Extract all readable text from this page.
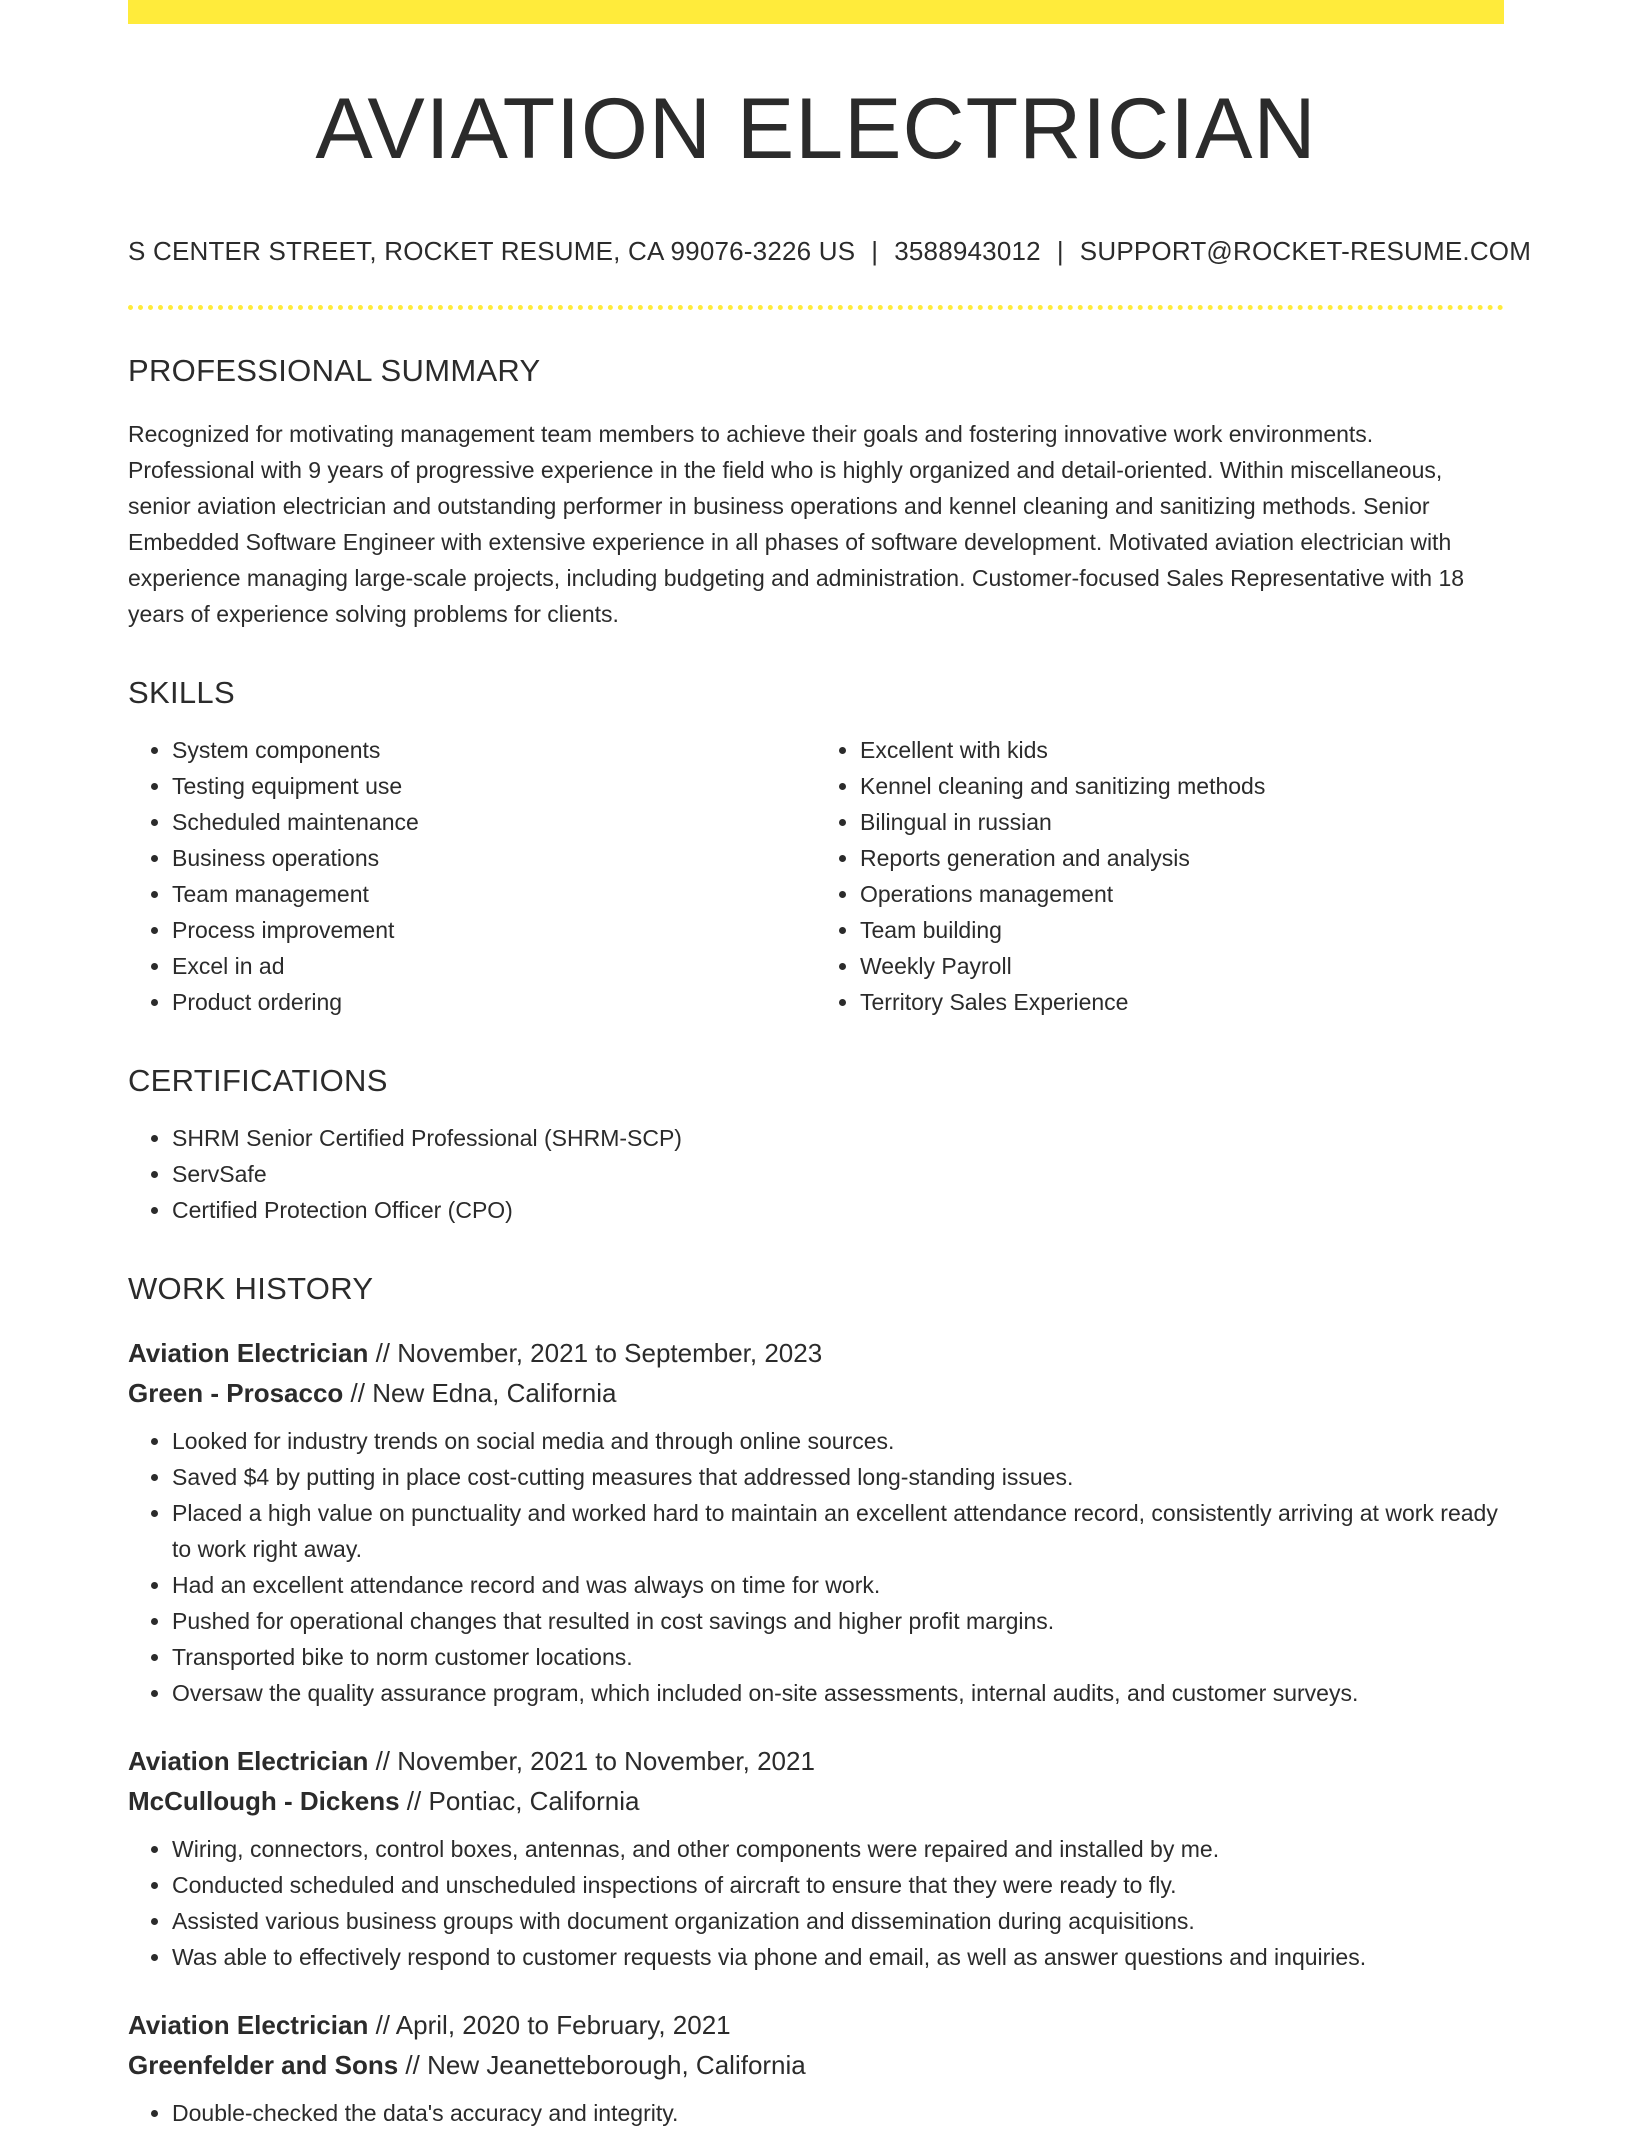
AVIATION ELECTRICIAN
S CENTER STREET, ROCKET RESUME, CA 99076-3226 US | 3588943012 | SUPPORT@ROCKET-RESUME.COM
PROFESSIONAL SUMMARY

Recognized for motivating management team members to achieve their goals and fostering innovative work environments. Professional with 9 years of progressive experience in the field who is highly organized and detail-oriented. Within miscellaneous, senior aviation electrician and outstanding performer in business operations and kennel cleaning and sanitizing methods. Senior Embedded Software Engineer with extensive experience in all phases of software development. Motivated aviation electrician with experience managing large-scale projects, including budgeting and administration. Customer-focused Sales Representative with 18 years of experience solving problems for clients.

SKILLS
• System components
• Testing equipment use
• Scheduled maintenance
• Business operations
• Team management
• Process improvement
• Excel in ad
• Product ordering
• Excellent with kids
• Kennel cleaning and sanitizing methods
• Bilingual in russian
• Reports generation and analysis
• Operations management
• Team building
• Weekly Payroll
• Territory Sales Experience
CERTIFICATIONS
• SHRM Senior Certified Professional (SHRM-SCP)
• ServSafe
• Certified Protection Officer (CPO)
WORK HISTORY
Aviation Electrician // November, 2021 to September, 2023
Green - Prosacco // New Edna, California
• Looked for industry trends on social media and through online sources.
• Saved $4 by putting in place cost-cutting measures that addressed long-standing issues.
• Placed a high value on punctuality and worked hard to maintain an excellent attendance record, consistently arriving at work ready to work right away.
• Had an excellent attendance record and was always on time for work.
• Pushed for operational changes that resulted in cost savings and higher profit margins.
• Transported bike to norm customer locations.
• Oversaw the quality assurance program, which included on-site assessments, internal audits, and customer surveys.
Aviation Electrician // November, 2021 to November, 2021
McCullough - Dickens // Pontiac, California
• Wiring, connectors, control boxes, antennas, and other components were repaired and installed by me.
• Conducted scheduled and unscheduled inspections of aircraft to ensure that they were ready to fly.
• Assisted various business groups with document organization and dissemination during acquisitions.
• Was able to effectively respond to customer requests via phone and email, as well as answer questions and inquiries.
Aviation Electrician // April, 2020 to February, 2021
Greenfelder and Sons // New Jeanetteborough, California
• Double-checked the data's accuracy and integrity.
